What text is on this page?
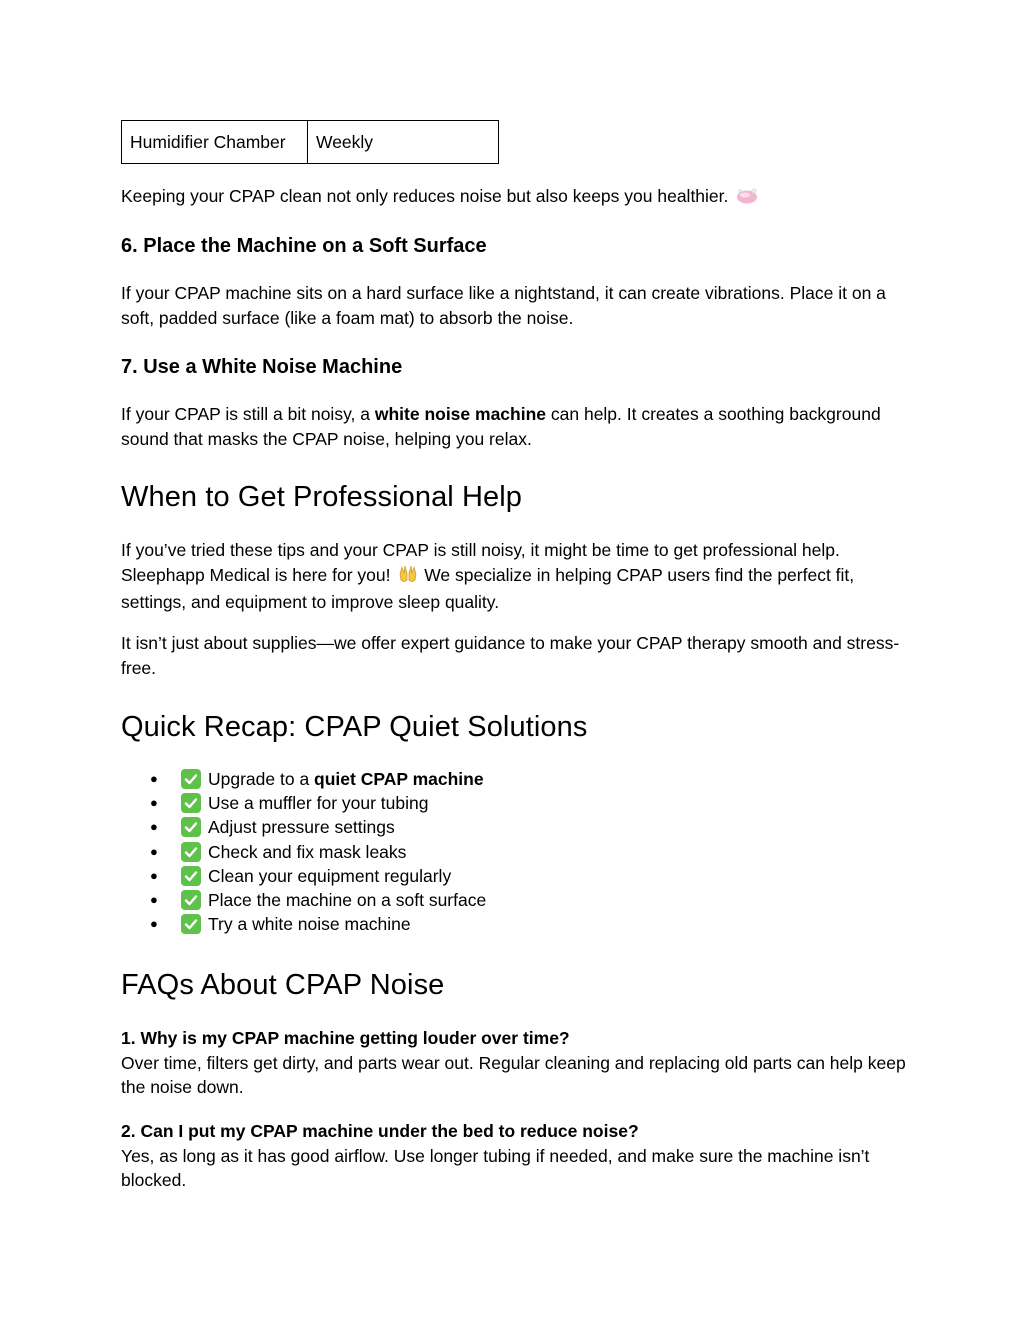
Humidifier Chamber	Weekly

Keeping your CPAP clean not only reduces noise but also keeps you healthier.

6. Place the Machine on a Soft Surface

If your CPAP machine sits on a hard surface like a nightstand, it can create vibrations. Place it on a soft, padded surface (like a foam mat) to absorb the noise.

7. Use a White Noise Machine

If your CPAP is still a bit noisy, a white noise machine can help. It creates a soothing background sound that masks the CPAP noise, helping you relax.

When to Get Professional Help

If you’ve tried these tips and your CPAP is still noisy, it might be time to get professional help. Sleephapp Medical is here for you!  We specialize in helping CPAP users find the perfect fit, settings, and equipment to improve sleep quality.

It isn’t just about supplies—we offer expert guidance to make your CPAP therapy smooth and stress-free.

Quick Recap: CPAP Quiet Solutions
●	Upgrade to a quiet CPAP machine
●	Use a muffler for your tubing
●	Adjust pressure settings
●	Check and fix mask leaks
●	Clean your equipment regularly
●	Place the machine on a soft surface
●	Try a white noise machine
FAQs About CPAP Noise

1. Why is my CPAP machine getting louder over time?
Over time, filters get dirty, and parts wear out. Regular cleaning and replacing old parts can help keep the noise down.

2. Can I put my CPAP machine under the bed to reduce noise?
Yes, as long as it has good airflow. Use longer tubing if needed, and make sure the machine isn’t blocked.
